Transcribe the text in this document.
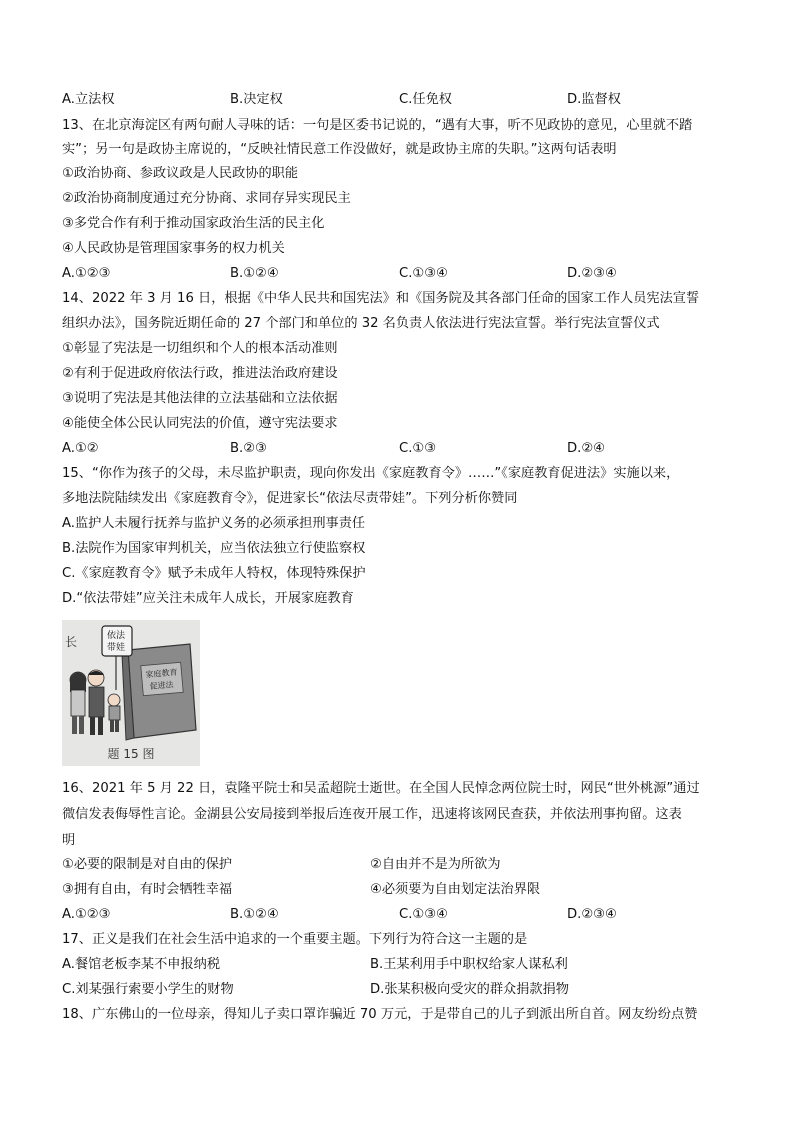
A.立法权	B.决定权	C.任免权	D.监督权
13、在北京海淀区有两句耐人寻味的话：一句是区委书记说的，“遇有大事，听不见政协的意见，心里就不踏
实”；另一句是政协主席说的，“反映社情民意工作没做好，就是政协主席的失职。”这两句话表明
①政治协商、参政议政是人民政协的职能
②政治协商制度通过充分协商、求同存异实现民主
③多党合作有利于推动国家政治生活的民主化
④人民政协是管理国家事务的权力机关
A.①②③	B.①②④	C.①③④	D.②③④
14、2022 年 3 月 16 日，根据《中华人民共和国宪法》和《国务院及其各部门任命的国家工作人员宪法宣誓
组织办法》，国务院近期任命的 27 个部门和单位的 32 名负责人依法进行宪法宣誓。举行宪法宣誓仪式
①彰显了宪法是一切组织和个人的根本活动准则
②有利于促进政府依法行政，推进法治政府建设
③说明了宪法是其他法律的立法基础和立法依据
④能使全体公民认同宪法的价值，遵守宪法要求
A.①②	B.②③	C.①③	D.②④
15、“你作为孩子的父母，未尽监护职责，现向你发出《家庭教育令》……”《家庭教育促进法》实施以来，
多地法院陆续发出《家庭教育令》，促进家长“依法尽责带娃”。下列分析你赞同
A.监护人未履行抚养与监护义务的必须承担刑事责任
B.法院作为国家审判机关，应当依法独立行使监察权
C.《家庭教育令》赋予未成年人特权，体现特殊保护
D.“依法带娃”应关注未成年人成长，开展家庭教育
长
家庭教育
促进法
依法
带娃
题 15 图
16、2021 年 5 月 22 日，袁隆平院士和吴孟超院士逝世。在全国人民悼念两位院士时，网民“世外桃源”通过
微信发表侮辱性言论。金湖县公安局接到举报后连夜开展工作，迅速将该网民查获，并依法刑事拘留。这表
明
①必要的限制是对自由的保护	②自由并不是为所欲为
③拥有自由，有时会牺牲幸福	④必须要为自由划定法治界限
A.①②③	B.①②④	C.①③④	D.②③④
17、正义是我们在社会生活中追求的一个重要主题。下列行为符合这一主题的是
A.餐馆老板李某不申报纳税	B.王某利用手中职权给家人谋私利
C.刘某强行索要小学生的财物	D.张某积极向受灾的群众捐款捐物
18、广东佛山的一位母亲，得知儿子卖口罩诈骗近 70 万元，于是带自己的儿子到派出所自首。网友纷纷点赞
